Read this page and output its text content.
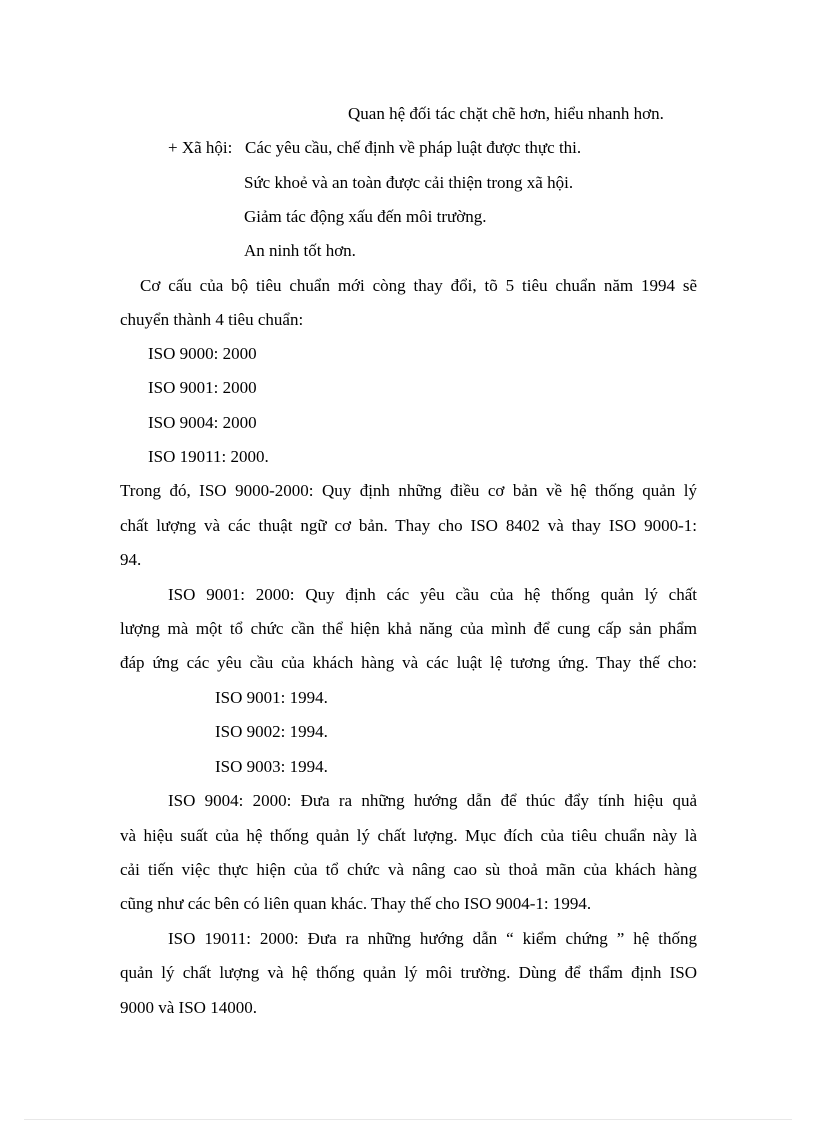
Quan hệ đối tác chặt chẽ hơn, hiểu nhanh hơn.
+ Xã hội: Các yêu cầu, chế định về pháp luật được thực thi.
Sức khoẻ và an toàn được cải thiện trong xã hội.
Giảm tác động xấu đến môi trường.
An ninh tốt hơn.
Cơ cấu của bộ tiêu chuẩn mới còng thay đổi, tõ 5 tiêu chuẩn năm 1994 sẽ
chuyển thành 4 tiêu chuẩn:
ISO 9000: 2000
ISO 9001: 2000
ISO 9004: 2000
ISO 19011: 2000.
Trong đó, ISO 9000-2000: Quy định những điều cơ bản về hệ thống quản lý
chất lượng và các thuật ngữ cơ bản. Thay cho ISO 8402 và thay ISO 9000-1:
94.
ISO 9001: 2000: Quy định các yêu cầu của hệ thống quản lý chất
lượng mà một tổ chức cần thể hiện khả năng của mình để cung cấp sản phẩm
đáp ứng các yêu cầu của khách hàng và các luật lệ tương ứng. Thay thế cho:
ISO 9001: 1994.
ISO 9002: 1994.
ISO 9003: 1994.
ISO 9004: 2000: Đưa ra những hướng dẫn để thúc đẩy tính hiệu quả
và hiệu suất của hệ thống quản lý chất lượng. Mục đích của tiêu chuẩn này là
cải tiến việc thực hiện của tổ chức và nâng cao sù thoả mãn của khách hàng
cũng như các bên có liên quan khác. Thay thế cho ISO 9004-1: 1994.
ISO 19011: 2000: Đưa ra những hướng dẫn “ kiểm chứng ” hệ thống
quản lý chất lượng và hệ thống quản lý môi trường. Dùng để thẩm định ISO
9000 và ISO 14000.
